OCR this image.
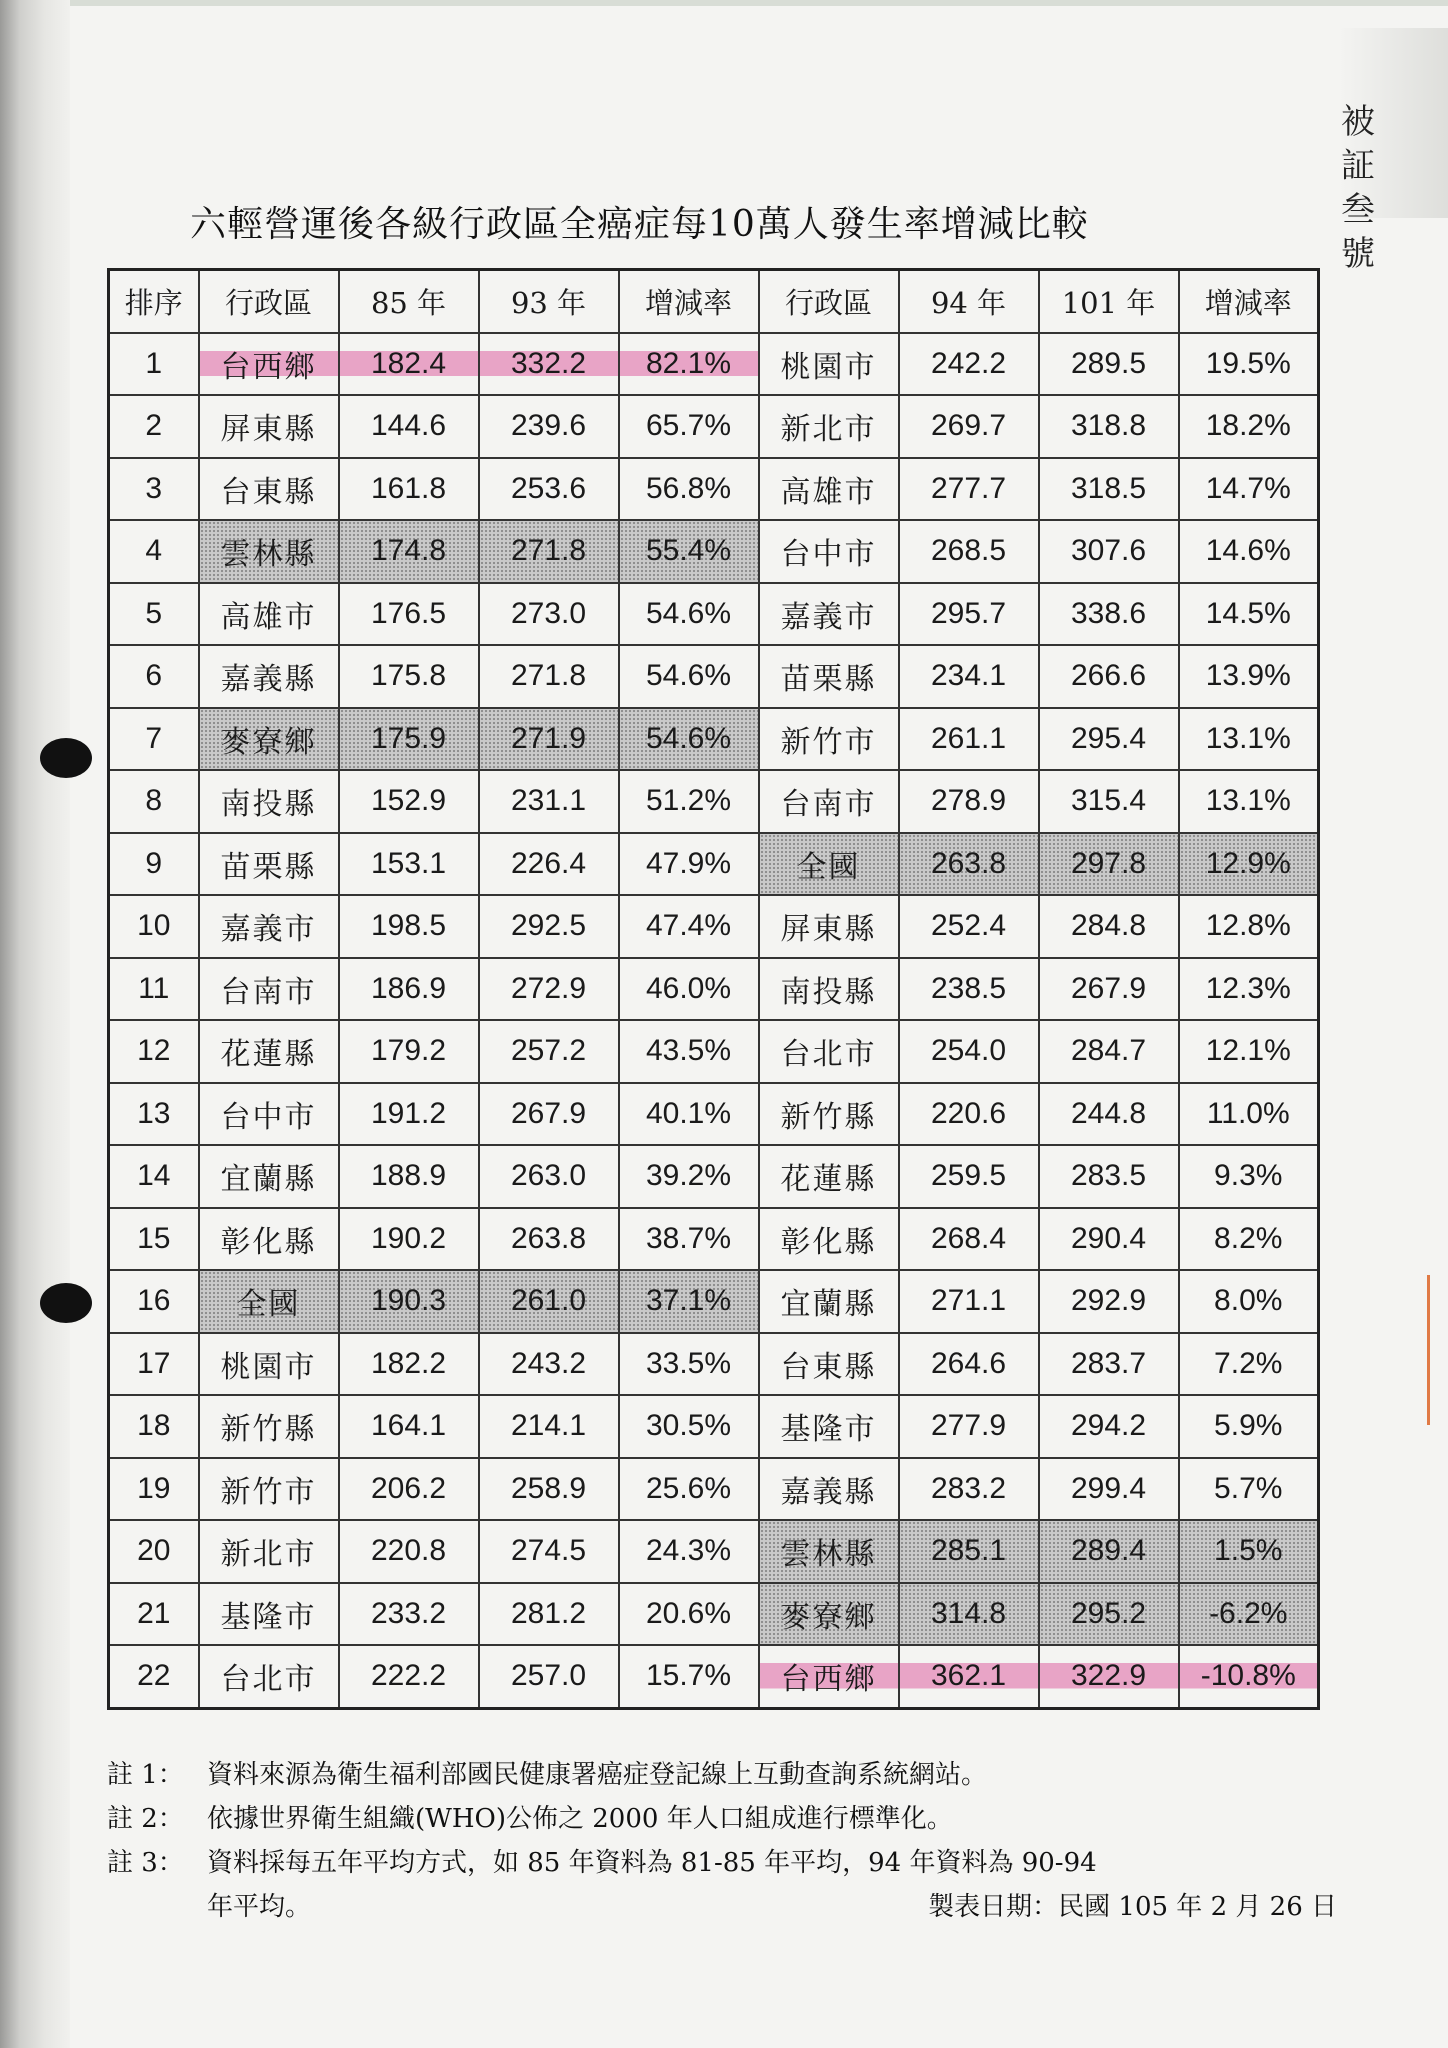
被
証
叁
號
六輕營運後各級行政區全癌症每10萬人發生率增減比較
排序	行政區	85 年	93 年	增減率	行政區	94 年	101 年	增減率
1	台西鄉	182.4	332.2	82.1%	桃園市	242.2	289.5	19.5%
2	屏東縣	144.6	239.6	65.7%	新北市	269.7	318.8	18.2%
3	台東縣	161.8	253.6	56.8%	高雄市	277.7	318.5	14.7%
4	雲林縣	174.8	271.8	55.4%	台中市	268.5	307.6	14.6%
5	高雄市	176.5	273.0	54.6%	嘉義市	295.7	338.6	14.5%
6	嘉義縣	175.8	271.8	54.6%	苗栗縣	234.1	266.6	13.9%
7	麥寮鄉	175.9	271.9	54.6%	新竹市	261.1	295.4	13.1%
8	南投縣	152.9	231.1	51.2%	台南市	278.9	315.4	13.1%
9	苗栗縣	153.1	226.4	47.9%	全國	263.8	297.8	12.9%
10	嘉義市	198.5	292.5	47.4%	屏東縣	252.4	284.8	12.8%
11	台南市	186.9	272.9	46.0%	南投縣	238.5	267.9	12.3%
12	花蓮縣	179.2	257.2	43.5%	台北市	254.0	284.7	12.1%
13	台中市	191.2	267.9	40.1%	新竹縣	220.6	244.8	11.0%
14	宜蘭縣	188.9	263.0	39.2%	花蓮縣	259.5	283.5	9.3%
15	彰化縣	190.2	263.8	38.7%	彰化縣	268.4	290.4	8.2%
16	全國	190.3	261.0	37.1%	宜蘭縣	271.1	292.9	8.0%
17	桃園市	182.2	243.2	33.5%	台東縣	264.6	283.7	7.2%
18	新竹縣	164.1	214.1	30.5%	基隆市	277.9	294.2	5.9%
19	新竹市	206.2	258.9	25.6%	嘉義縣	283.2	299.4	5.7%
20	新北市	220.8	274.5	24.3%	雲林縣	285.1	289.4	1.5%
21	基隆市	233.2	281.2	20.6%	麥寮鄉	314.8	295.2	-6.2%
22	台北市	222.2	257.0	15.7%	台西鄉	362.1	322.9	-10.8%
註 1： 資料來源為衛生福利部國民健康署癌症登記線上互動查詢系統網站。
註 2： 依據世界衛生組織(WHO)公佈之 2000 年人口組成進行標準化。
註 3： 資料採每五年平均方式，如 85 年資料為 81-85 年平均，94 年資料為 90-94
年平均。	製表日期：民國 105 年 2 月 26 日
